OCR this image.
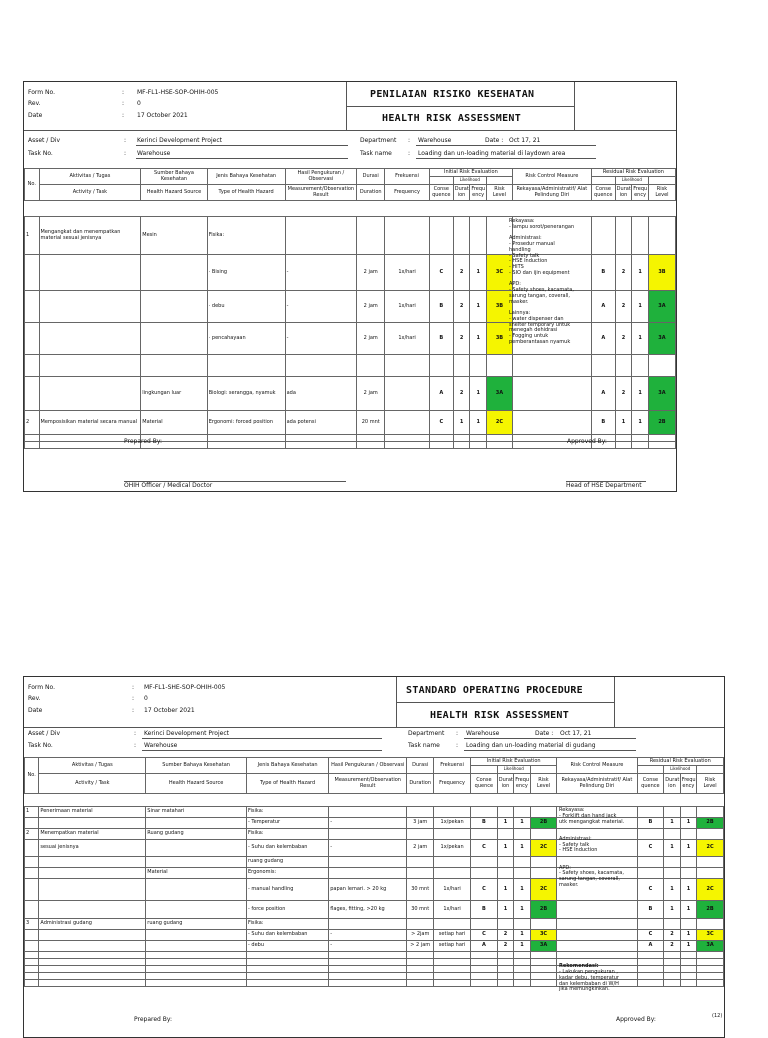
Form No.	: MF-FL1-HSE-SOP-OHIH-005
Rev.	: 0
Date	: 17 October 2021
PENILAIAN RISIKO KESEHATAN
HEALTH RISK ASSESSMENT
Asset / Div	: Kerinci Development Project
Task No.	: Warehouse
Department : Warehouse	Date : Oct 17, 21
Task name	: Loading dan un-loading material di laydown area
No.	Aktivitas / Tugas	Sumber Bahaya Kesehatan	Jenis Bahaya Kesehatan	Hasil Pengukuran / Observasi	Durasi	Frekuensi	Initial Risk Evaluation				Risk Control Measure	Residual Risk Evaluation			
								Likelihood					Likelihood		
	Activity / Task	Health Hazard Source	Type of Health Hazard	Measurement/Observation Result	Duration	Frequency	Conse quence	Durat ion	Frequ ency	Risk Level	Rekayasa/Administratif/ Alat Pelindung Diri	Conse quence	Durat ion	Frequ ency	Risk Level
1	Mengangkat dan menempatkan material sesuai jenisnya	Mesin	Fisika:												
			· Bising	-	2 jam	1x/hari	C	2	1	3C		B	2	1	3B
			· debu	-	2 jam	1x/hari	B	2	1	3B		A	2	1	3A
			· pencahayaan	-	2 jam	1x/hari	B	2	1	3B		A	2	1	3A

		lingkungan luar	Biologi: serangga, nyamuk	ada	2 jam		A	2	1	3A		A	2	1	3A
2	Memposisikan material secara manual	Material	Ergonomi: forced position	ada potensi	20 mnt		C	1	1	2C		B	1	1	2B

Rekayasa:
- lampu sorot/penerangan

Administrasi:
- Prosedur manual
handling
- Safety talk
- HSE Induction
- HITS
- SIO dan ijin equipment

APD:
- Safety shoes, kacamata,
sarung tangan, coverall,
masker.

Lainnya:
- water dispenser dan
shelter temporary untuk
menegah dehidrasi
- Fogging untuk
pemberantasan nyamuk
Prepared By:	Approved By:
OHIH Officer / Medical Doctor	Head of HSE Department
Form No.	: MF-FL1-SHE-SOP-OHIH-005
Rev.	: 0
Date	: 17 October 2021
STANDARD OPERATING PROCEDURE
HEALTH RISK ASSESSMENT
Asset / Div	: Kerinci Development Project
Task No.	: Warehouse
Department : Warehouse	Date : Oct 17, 21
Task name	: Loading dan un-loading material di gudang
No.	Aktivitas / Tugas	Sumber Bahaya Kesehatan	Jenis Bahaya Kesehatan	Hasil Pengukuran / Observasi	Durasi	Frekuensi	Initial Risk Evaluation				Risk Control Measure	Residual Risk Evaluation			
								Likelihood					Likelihood		
	Activity / Task	Health Hazard Source	Type of Health Hazard	Measurement/Observation Result	Duration	Frequency	Conse quence	Durat ion	Frequ ency	Risk Level	Rekayasa/Administratif/ Alat Pelindung Diri	Conse quence	Durat ion	Frequ ency	Risk Level
1	Penerimaan material	Sinar matahari	Fisika:												
			- Temperatur	-	3 jam	1x/pekan	B	1	1	2B		B	1	1	2B
2	Menempatkan material	Ruang gudang	Fisika:												
	sesuai jenisnya		- Suhu dan kelembaban	-	2 jam	1x/pekan	C	1	1	2C		C	1	1	2C
			ruang gudang												
		Material	Ergonomis:												
			- manual handling	papan lemari. > 20 kg	30 mnt	1x/hari	C	1	1	2C		C	1	1	2C
			- force position	flages, fitting, >20 kg	30 mnt	1x/hari	B	1	1	2B		B	1	1	2B
3	Administrasi gudang	ruang gudang	Fisika:												
			- Suhu dan kelembaban	-	> 2jam	setiap hari	C	2	1	3C		C	2	1	3C
			- debu	-	> 2 jam	setiap hari	A	2	1	3A		A	2	1	3A

Rekayasa:
- Forklift dan hand jack
utk mengangkat material.

Administrasi:
- Safety talk
- HSE Induction

APD:
- Safety shoes, kacamata,
sarung tangan, coverall,
masker.
Rekomendasi:
- Lakukan pengukuran ,
kadar debu, temperatur
dan kelembaban di W/H
jika memungkinkan.
Prepared By:	Approved By:	(12)
